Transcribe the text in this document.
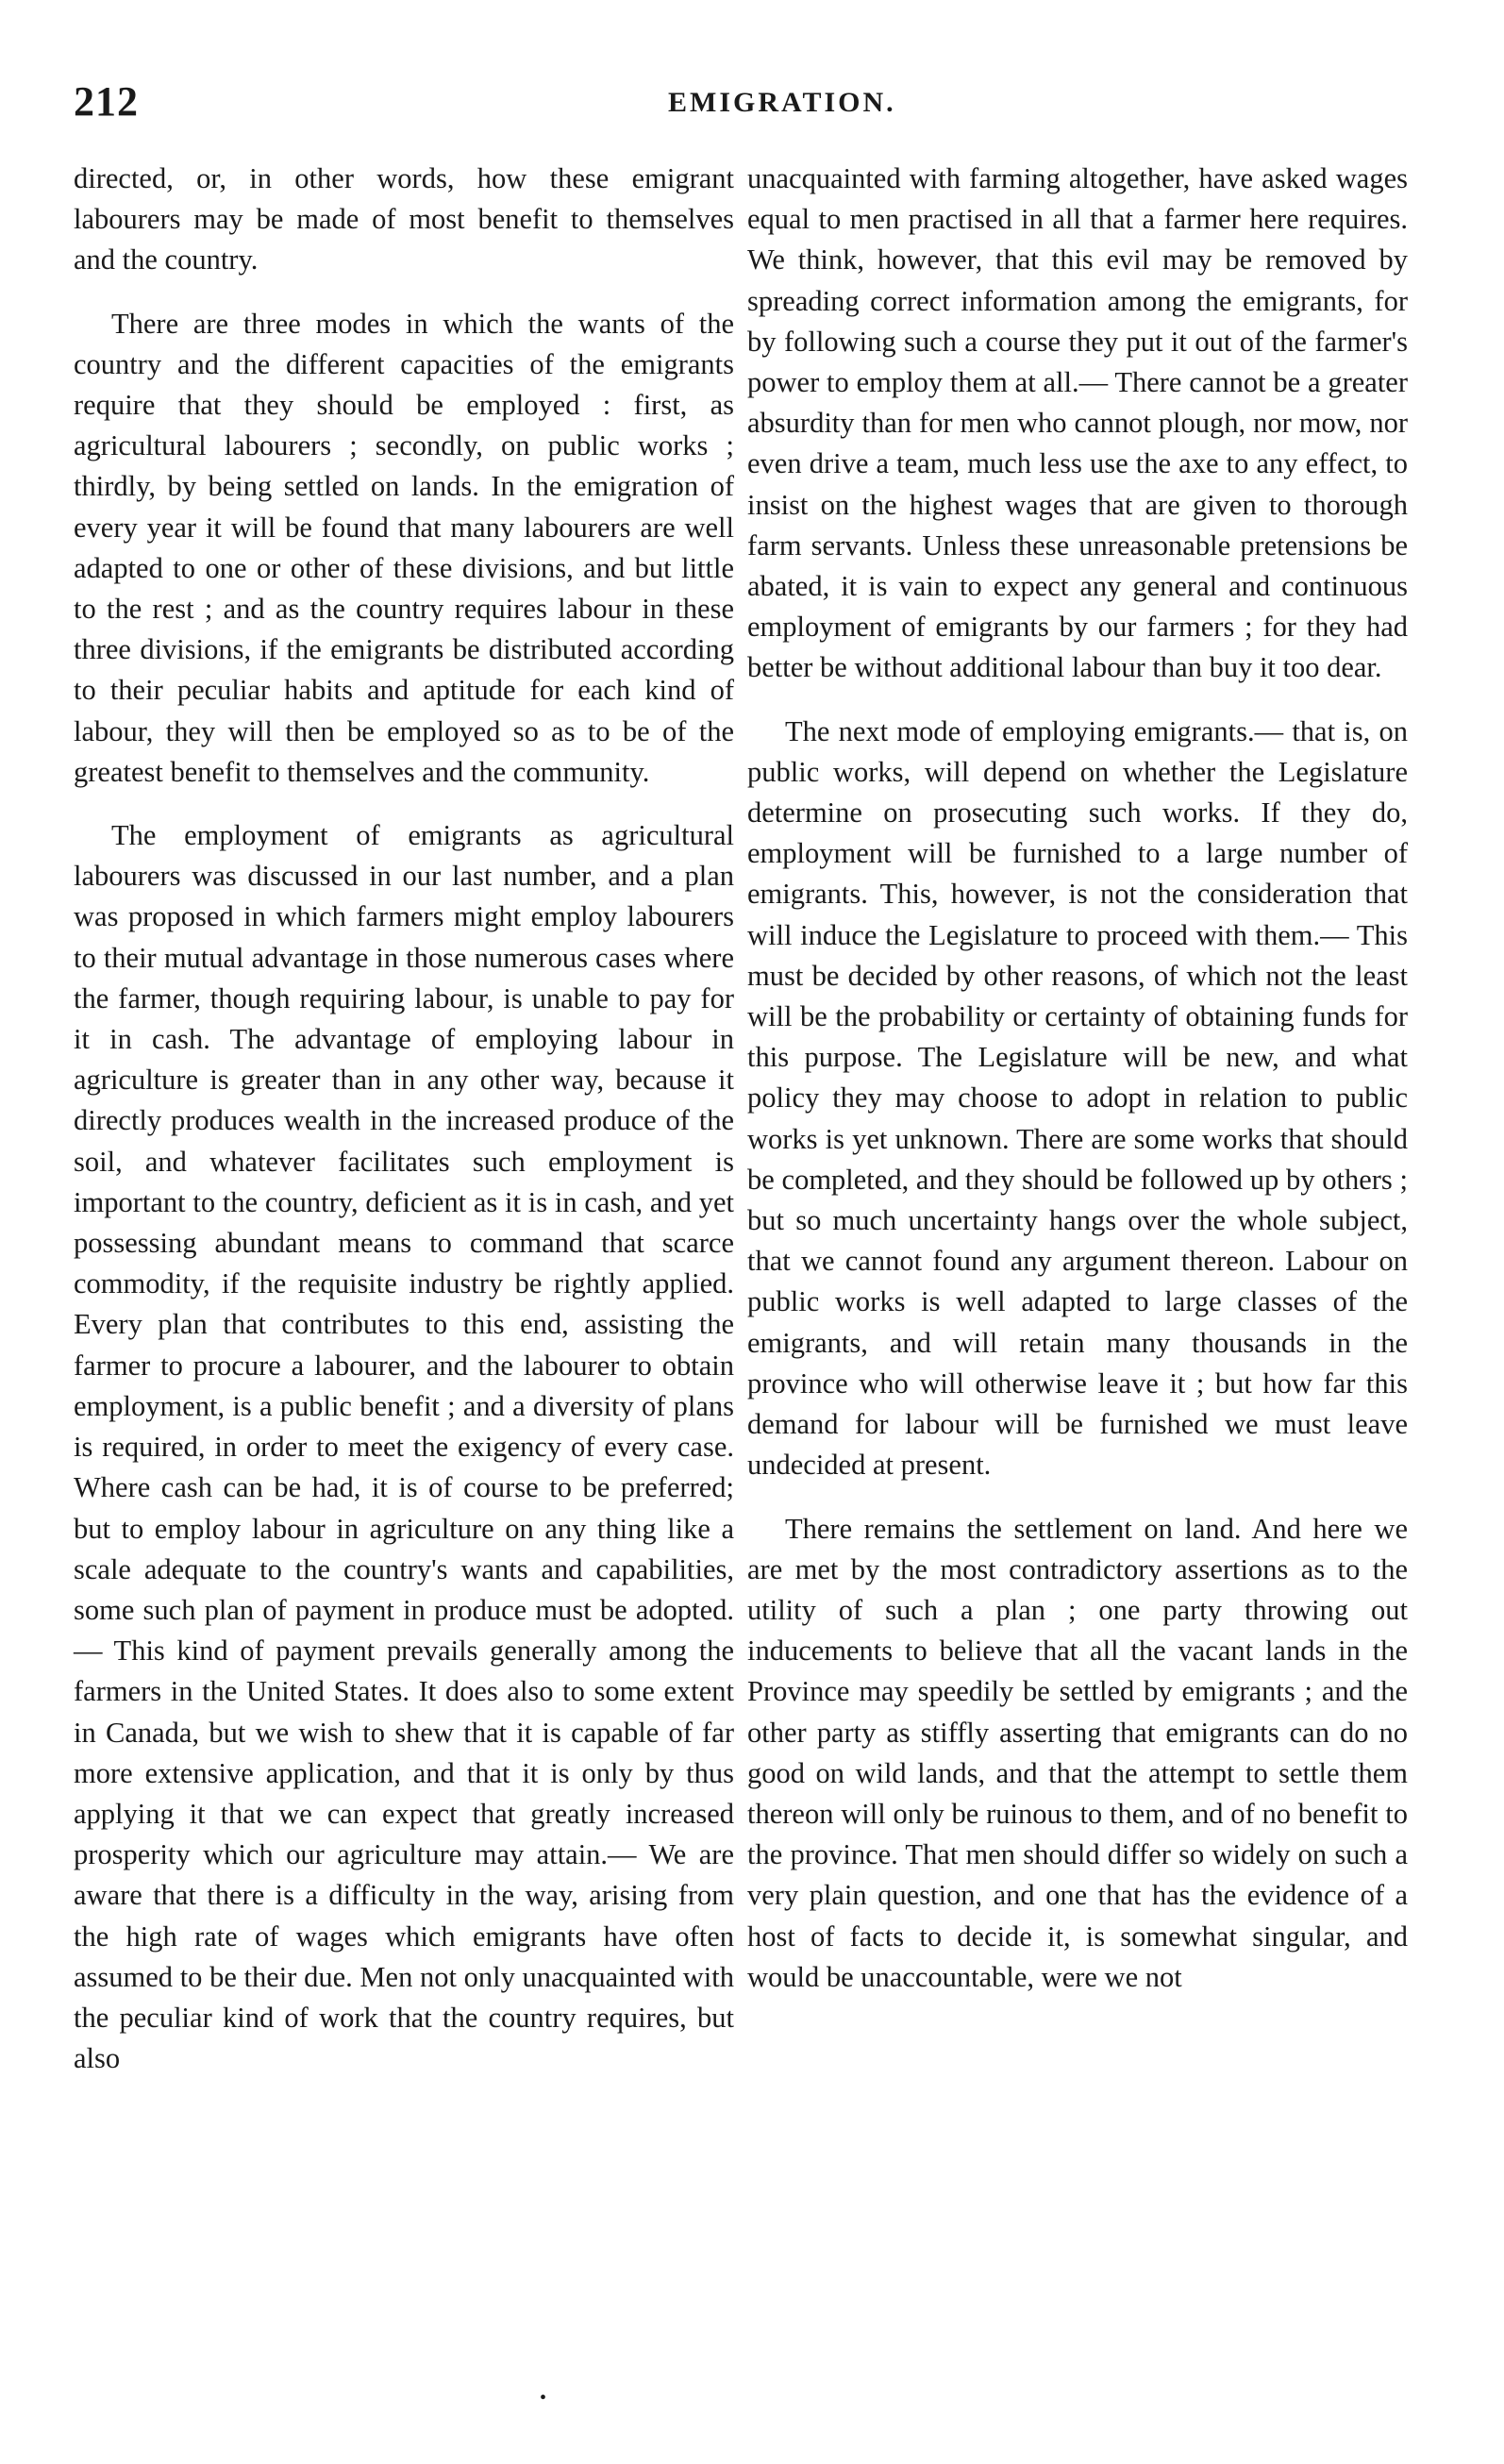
212	EMIGRATION.

directed, or, in other words, how these emigrant labourers may be made of most benefit to themselves and the country.

There are three modes in which the wants of the country and the different capacities of the emigrants require that they should be employed : first, as agricultural labourers ; secondly, on public works ; thirdly, by being settled on lands. In the emigration of every year it will be found that many labourers are well adapted to one or other of these divisions, and but little to the rest ; and as the country requires labour in these three divisions, if the emigrants be distributed according to their peculiar habits and aptitude for each kind of labour, they will then be employed so as to be of the greatest benefit to themselves and the community.

The employment of emigrants as agricultural labourers was discussed in our last number, and a plan was proposed in which farmers might employ labourers to their mutual advantage in those numerous cases where the farmer, though requiring labour, is unable to pay for it in cash. The advantage of employing labour in agriculture is greater than in any other way, because it directly produces wealth in the increased produce of the soil, and whatever facilitates such employment is important to the country, deficient as it is in cash, and yet possessing abundant means to command that scarce commodity, if the requisite industry be rightly applied. Every plan that contributes to this end, assisting the farmer to procure a labourer, and the labourer to obtain employment, is a public benefit ; and a diversity of plans is required, in order to meet the exigency of every case. Where cash can be had, it is of course to be preferred; but to employ labour in agriculture on any thing like a scale adequate to the country's wants and capabilities, some such plan of payment in produce must be adopted.— This kind of payment prevails generally among the farmers in the United States. It does also to some extent in Canada, but we wish to shew that it is capable of far more extensive application, and that it is only by thus applying it that we can expect that greatly increased prosperity which our agriculture may attain.— We are aware that there is a difficulty in the way, arising from the high rate of wages which emigrants have often assumed to be their due. Men not only unacquainted with the peculiar kind of work that the country requires, but also

unacquainted with farming altogether, have asked wages equal to men practised in all that a farmer here requires. We think, however, that this evil may be removed by spreading correct information among the emigrants, for by following such a course they put it out of the farmer's power to employ them at all.— There cannot be a greater absurdity than for men who cannot plough, nor mow, nor even drive a team, much less use the axe to any effect, to insist on the highest wages that are given to thorough farm servants. Unless these unreasonable pretensions be abated, it is vain to expect any general and continuous employment of emigrants by our farmers ; for they had better be without additional labour than buy it too dear.

The next mode of employing emigrants.— that is, on public works, will depend on whether the Legislature determine on prosecuting such works. If they do, employment will be furnished to a large number of emigrants. This, however, is not the consideration that will induce the Legislature to proceed with them.— This must be decided by other reasons, of which not the least will be the probability or certainty of obtaining funds for this purpose. The Legislature will be new, and what policy they may choose to adopt in relation to public works is yet unknown. There are some works that should be completed, and they should be followed up by others ; but so much uncertainty hangs over the whole subject, that we cannot found any argument thereon. Labour on public works is well adapted to large classes of the emigrants, and will retain many thousands in the province who will otherwise leave it ; but how far this demand for labour will be furnished we must leave undecided at present.

There remains the settlement on land. And here we are met by the most contradictory assertions as to the utility of such a plan ; one party throwing out inducements to believe that all the vacant lands in the Province may speedily be settled by emigrants ; and the other party as stiffly asserting that emigrants can do no good on wild lands, and that the attempt to settle them thereon will only be ruinous to them, and of no benefit to the province. That men should differ so widely on such a very plain question, and one that has the evidence of a host of facts to decide it, is somewhat singular, and would be unaccountable, were we not

•
